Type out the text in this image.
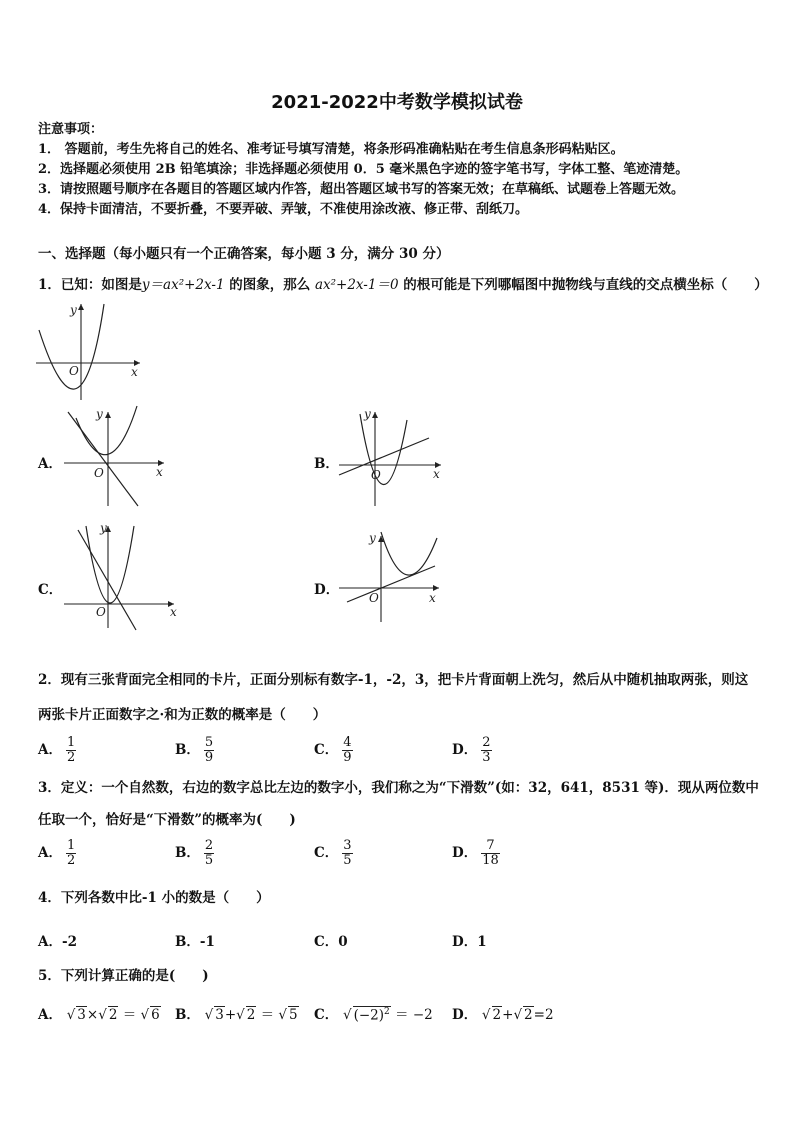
2021-2022中考数学模拟试卷
注意事项：
1． 答题前，考生先将自己的姓名、准考证号填写清楚，将条形码准确粘贴在考生信息条形码粘贴区。
2．选择题必须使用 2B 铅笔填涂；非选择题必须使用 0．5 毫米黑色字迹的签字笔书写，字体工整、笔迹清楚。
3．请按照题号顺序在各题目的答题区域内作答，超出答题区域书写的答案无效；在草稿纸、试题卷上答题无效。
4．保持卡面清洁，不要折叠，不要弄破、弄皱，不准使用涂改液、修正带、刮纸刀。
一、选择题（每小题只有一个正确答案，每小题 3 分，满分 30 分）
1．已知：如图是y＝ax²+2x-1 的图象，那么 ax²+2x-1＝0 的根可能是下列哪幅图中抛物线与直线的交点横坐标（　　）
x
y
O
A．	x
y
O
B．
x
y
O
C．
x
y
O
D．	x
y
O
2．现有三张背面完全相同的卡片，正面分别标有数字-1，-2，3，把卡片背面朝上洗匀，然后从中随机抽取两张，则这
两张卡片正面数字之·和为正数的概率是（　　）
A． $\frac{1}{2}$	B． $\frac{5}{9}$	C． $\frac{4}{9}$	D． $\frac{2}{3}$
3．定义：一个自然数，右边的数字总比左边的数字小，我们称之为“下滑数”(如：32，641，8531 等)．现从两位数中
任取一个，恰好是“下滑数”的概率为(　　)
A． $\frac{1}{2}$	B． $\frac{2}{5}$	C． $\frac{3}{5}$	D． $\frac{7}{18}$
4．下列各数中比-1 小的数是（　　）
A．-2	B．-1	C．0	D．1
5．下列计算正确的是(　　)
A． √ 3×√ 2 ＝ √ 6 B． √ 3+√ 2 ＝ √ 5 C． √ $(-2)^2 = -2$ D． √ 2+√ 2=2
